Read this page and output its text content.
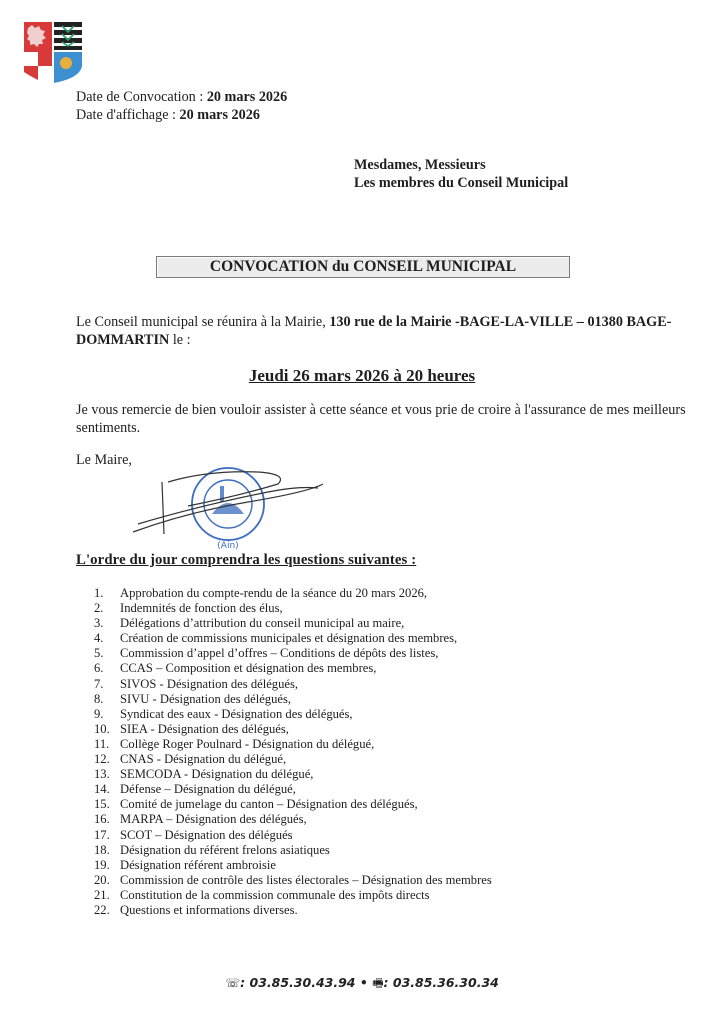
Date de Convocation : 20 mars 2026
Date d'affichage : 20 mars 2026
Mesdames, Messieurs
Les membres du Conseil Municipal
CONVOCATION du CONSEIL MUNICIPAL
Le Conseil municipal se réunira à la Mairie, 130 rue de la Mairie -BAGE-LA-VILLE – 01380 BAGE-DOMMARTIN le :
Jeudi 26 mars 2026 à 20 heures
Je vous remercie de bien vouloir assister à cette séance et vous prie de croire à l'assurance de mes meilleurs sentiments.
Le Maire,
(Ain)
L'ordre du jour comprendra les questions suivantes :
1.	Approbation du compte-rendu de la séance du 20 mars 2026,
2.	Indemnités de fonction des élus,
3.	Délégations d’attribution du conseil municipal au maire,
4.	Création de commissions municipales et désignation des membres,
5.	Commission d’appel d’offres – Conditions de dépôts des listes,
6.	CCAS – Composition et désignation des membres,
7.	SIVOS - Désignation des délégués,
8.	SIVU - Désignation des délégués,
9.	Syndicat des eaux - Désignation des délégués,
10. SIEA - Désignation des délégués,
11. Collège Roger Poulnard - Désignation du délégué,
12. CNAS - Désignation du délégué,
13. SEMCODA - Désignation du délégué,
14. Défense – Désignation du délégué,
15. Comité de jumelage du canton – Désignation des délégués,
16. MARPA – Désignation des délégués,
17. SCOT – Désignation des délégués
18. Désignation du référent frelons asiatiques
19. Désignation référent ambroisie
20. Commission de contrôle des listes électorales – Désignation des membres
21. Constitution de la commission communale des impôts directs
22. Questions et informations diverses.
☏: 03.85.30.43.94 • 🖷: 03.85.36.30.34
